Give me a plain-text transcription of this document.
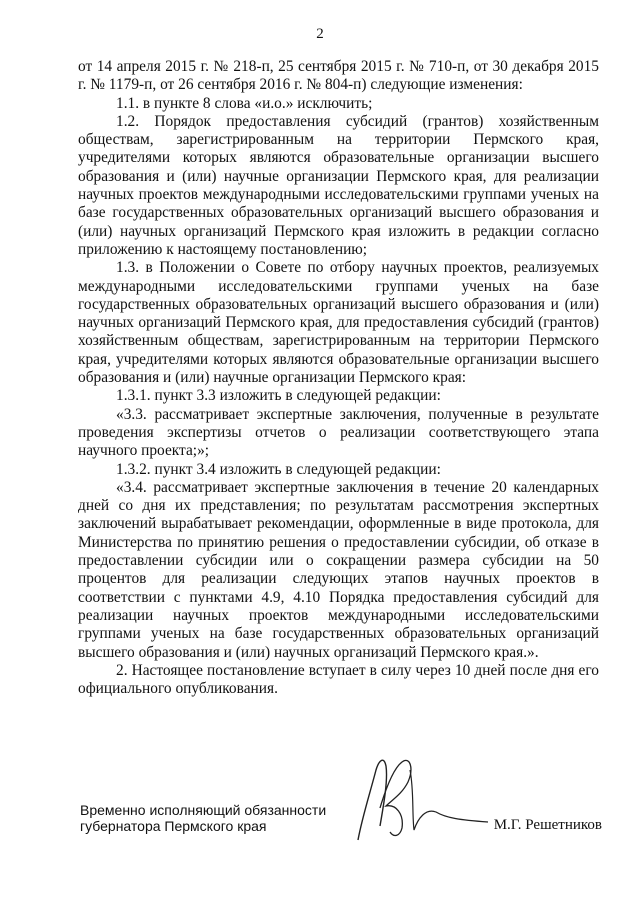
2

от 14 апреля 2015 г. № 218-п, 25 сентября 2015 г. № 710-п, от 30 декабря 2015 г. № 1179-п, от 26 сентября 2016 г. № 804-п) следующие изменения:

1.1. в пункте 8 слова «и.о.» исключить;

1.2. Порядок предоставления субсидий (грантов) хозяйственным обществам, зарегистрированным на территории Пермского края, учредителями которых являются образовательные организации высшего образования и (или) научные организации Пермского края, для реализации научных проектов международными исследовательскими группами ученых на базе государственных образовательных организаций высшего образования и (или) научных организаций Пермского края изложить в редакции согласно приложению к настоящему постановлению;

1.3. в Положении о Совете по отбору научных проектов, реализуемых международными исследовательскими группами ученых на базе государственных образовательных организаций высшего образования и (или) научных организаций Пермского края, для предоставления субсидий (грантов) хозяйственным обществам, зарегистрированным на территории Пермского края, учредителями которых являются образовательные организации высшего образования и (или) научные организации Пермского края:

1.3.1. пункт 3.3 изложить в следующей редакции:

«3.3. рассматривает экспертные заключения, полученные в результате проведения экспертизы отчетов о реализации соответствующего этапа научного проекта;»;

1.3.2. пункт 3.4 изложить в следующей редакции:

«3.4. рассматривает экспертные заключения в течение 20 календарных дней со дня их представления; по результатам рассмотрения экспертных заключений вырабатывает рекомендации, оформленные в виде протокола, для Министерства по принятию решения о предоставлении субсидии, об отказе в предоставлении субсидии или о сокращении размера субсидии на 50 процентов для реализации следующих этапов научных проектов в соответствии с пунктами 4.9, 4.10 Порядка предоставления субсидий для реализации научных проектов международными исследовательскими группами ученых на базе государственных образовательных организаций высшего образования и (или) научных организаций Пермского края.».

2. Настоящее постановление вступает в силу через 10 дней после дня его официального опубликования.

Временно исполняющий обязанности
губернатора Пермского края	М.Г. Решетников
